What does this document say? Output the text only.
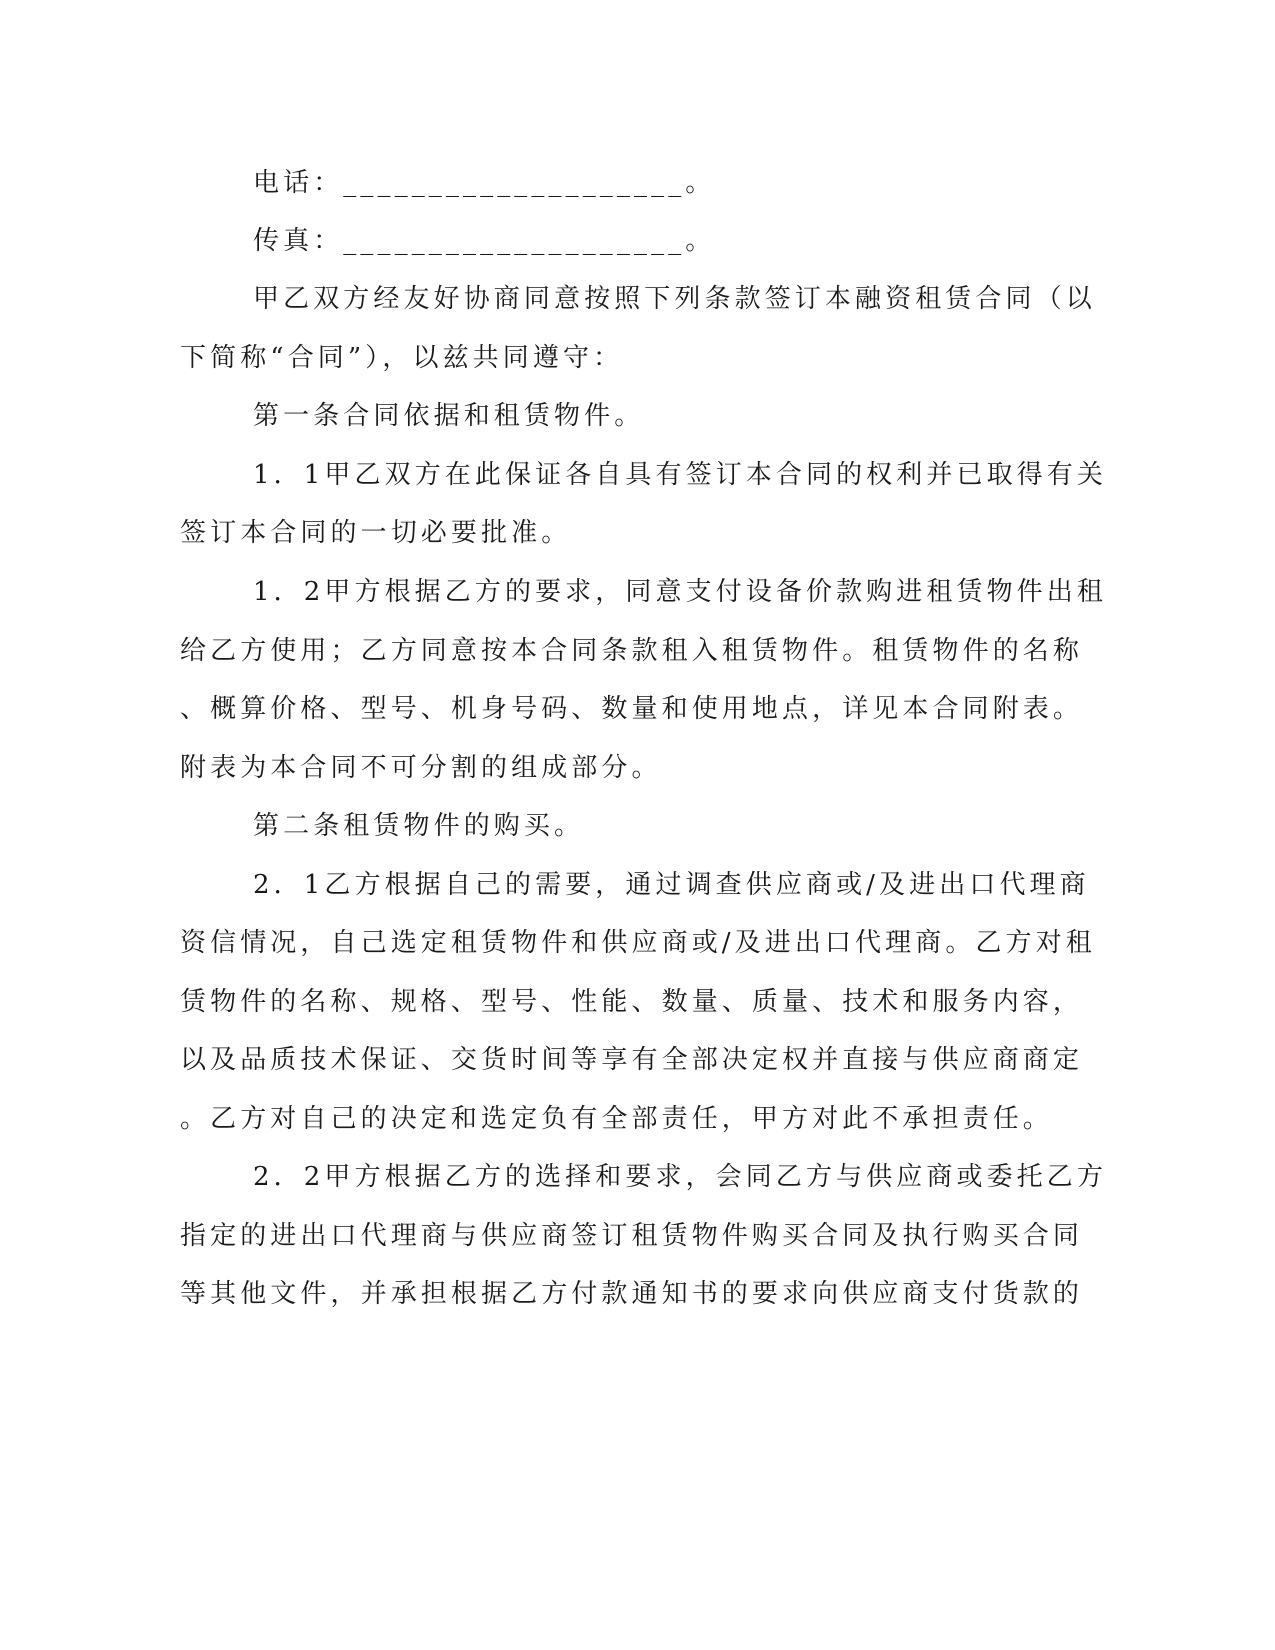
电话：____________________。
传真：____________________。
甲乙双方经友好协商同意按照下列条款签订本融资租赁合同（以
下简称“合同”），以兹共同遵守：
第一条合同依据和租赁物件。
1．1甲乙双方在此保证各自具有签订本合同的权利并已取得有关
签订本合同的一切必要批准。
1．2甲方根据乙方的要求，同意支付设备价款购进租赁物件出租
给乙方使用；乙方同意按本合同条款租入租赁物件。租赁物件的名称
、概算价格、型号、机身号码、数量和使用地点，详见本合同附表。
附表为本合同不可分割的组成部分。
第二条租赁物件的购买。
2．1乙方根据自己的需要，通过调查供应商或/及进出口代理商
资信情况，自己选定租赁物件和供应商或/及进出口代理商。乙方对租
赁物件的名称、规格、型号、性能、数量、质量、技术和服务内容，
以及品质技术保证、交货时间等享有全部决定权并直接与供应商商定
。乙方对自己的决定和选定负有全部责任，甲方对此不承担责任。
2．2甲方根据乙方的选择和要求，会同乙方与供应商或委托乙方
指定的进出口代理商与供应商签订租赁物件购买合同及执行购买合同
等其他文件，并承担根据乙方付款通知书的要求向供应商支付货款的
